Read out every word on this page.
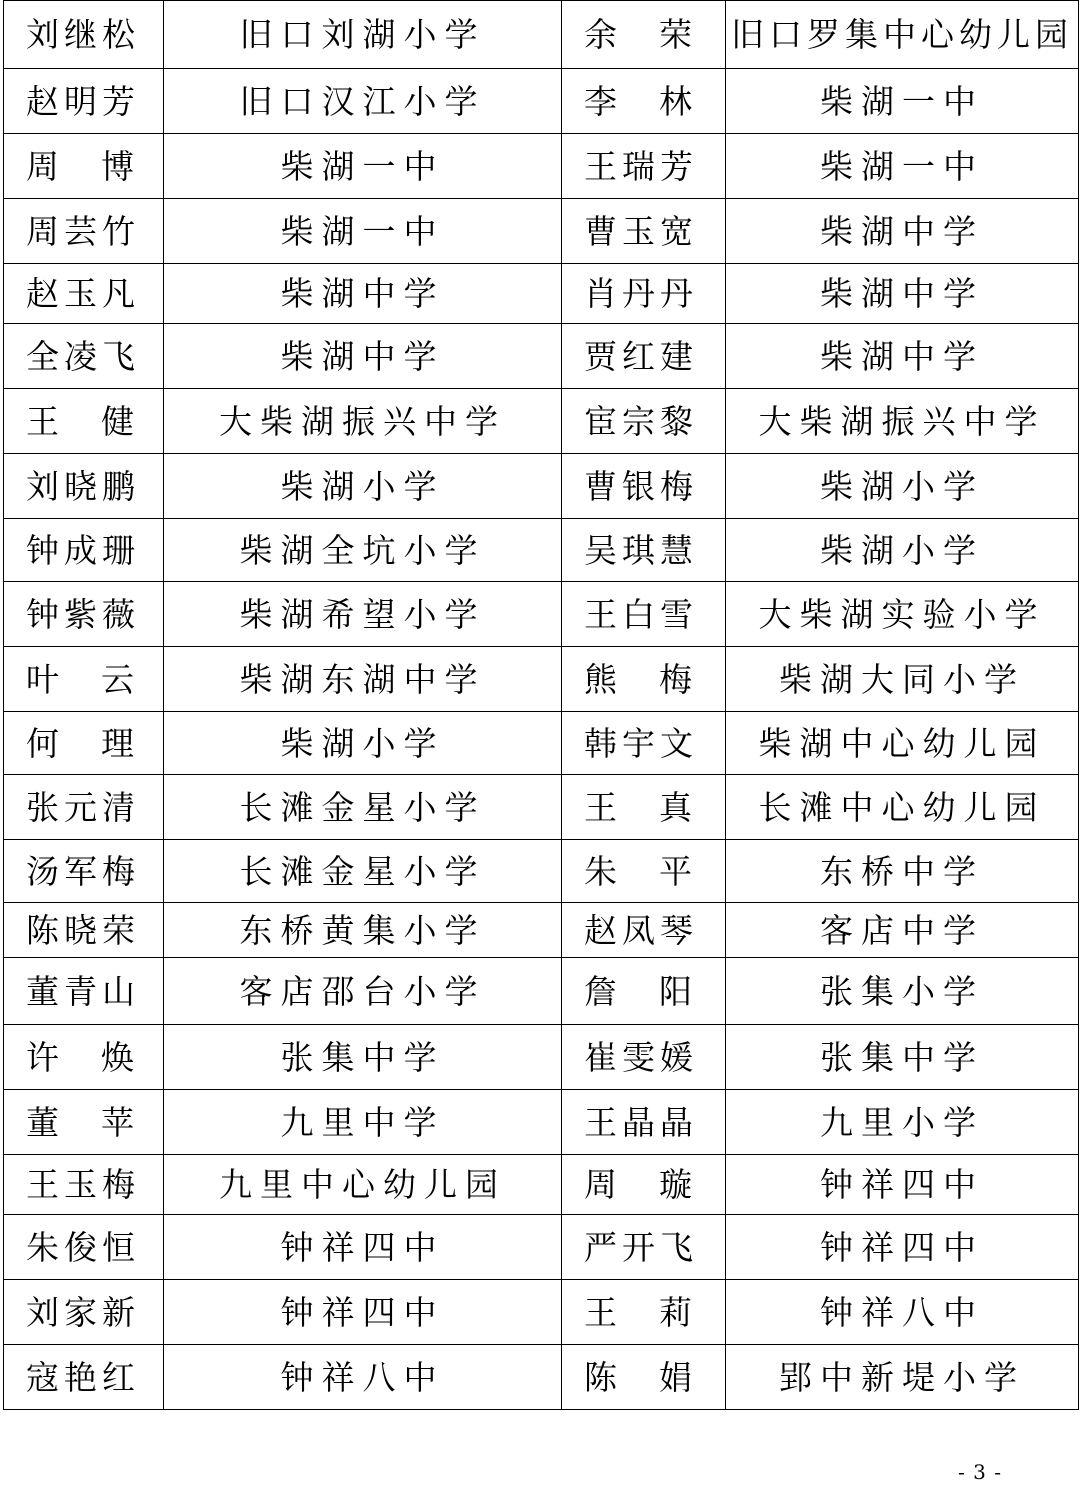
刘继松	旧口刘湖小学	余 荣	旧口罗集中心幼儿园
赵明芳	旧口汉江小学	李 林	柴湖一中

周 博	柴湖一中	王瑞芳	柴湖一中
周芸竹	柴湖一中	曹玉宽	柴湖中学
赵玉凡	柴湖中学	肖丹丹	柴湖中学
全凌飞	柴湖中学	贾红建	柴湖中学

王 健	大柴湖振兴中学	宦宗黎	大柴湖振兴中学
刘晓鹏	柴湖小学	曹银梅	柴湖小学
钟成珊	柴湖全坑小学	吴琪慧	柴湖小学
钟紫薇	柴湖希望小学	王白雪	大柴湖实验小学

叶 云	柴湖东湖中学	熊 梅	柴湖大同小学

何 理	柴湖小学	韩宇文	柴湖中心幼儿园
张元清	长滩金星小学	王 真	长滩中心幼儿园
汤军梅	长滩金星小学	朱 平	东桥中学
陈晓荣	东桥黄集小学	赵凤琴	客店中学
董青山	客店邵台小学	詹 阳	张集小学

许 焕	张集中学	崔雯媛	张集中学

董 苹	九里中学	王晶晶	九里小学
王玉梅	九里中心幼儿园	周 璇	钟祥四中
朱俊恒	钟祥四中	严开飞	钟祥四中
刘家新	钟祥四中	王 莉	钟祥八中
寇艳红	钟祥八中	陈 娟	郢中新堤小学
- 3 -
